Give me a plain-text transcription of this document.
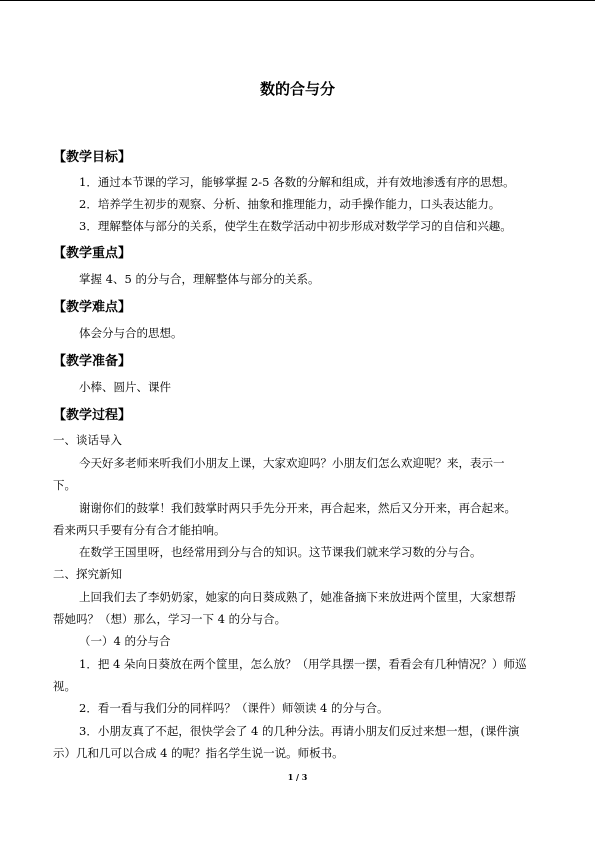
数的合与分
【教学目标】
1．通过本节课的学习，能够掌握 2-5 各数的分解和组成，并有效地渗透有序的思想。
2．培养学生初步的观察、分析、抽象和推理能力，动手操作能力，口头表达能力。
3．理解整体与部分的关系，使学生在数学活动中初步形成对数学学习的自信和兴趣。
【教学重点】
掌握 4、5 的分与合，理解整体与部分的关系。
【教学难点】
体会分与合的思想。
【教学准备】
小棒、圆片、课件
【教学过程】
一、谈话导入
今天好多老师来听我们小朋友上课，大家欢迎吗？小朋友们怎么欢迎呢？来，表示一
下。
谢谢你们的鼓掌！我们鼓掌时两只手先分开来，再合起来，然后又分开来，再合起来。
看来两只手要有分有合才能拍响。
在数学王国里呀，也经常用到分与合的知识。这节课我们就来学习数的分与合。
二、探究新知
上回我们去了李奶奶家，她家的向日葵成熟了，她准备摘下来放进两个筐里，大家想帮
帮她吗？（想）那么，学习一下 4 的分与合。
（一）4 的分与合
1．把 4 朵向日葵放在两个筐里，怎么放？（用学具摆一摆，看看会有几种情况？）师巡
视。
2．看一看与我们分的同样吗？（课件）师领读 4 的分与合。
3．小朋友真了不起，很快学会了 4 的几种分法。再请小朋友们反过来想一想，(课件演
示）几和几可以合成 4 的呢？指名学生说一说。师板书。
1 / 3
